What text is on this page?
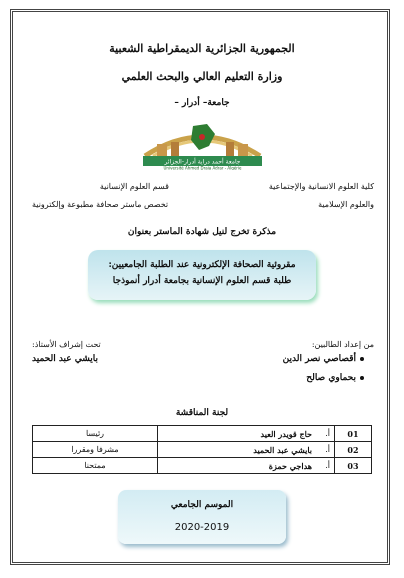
الجمهورية الجزائرية الديمقراطية الشعبية
وزارة التعليم العالي والبحث العلمي
جامعة– أدرار –
جامعة أحمد دراية أدرار-الجزائر
Université Ahmed Draia Adrar - Algérie
كلية العلوم الانسانية والإجتماعية
والعلوم الإسلامية
قسم العلوم الإنسانية
تخصص ماستر صحافة مطبوعة وإلكترونية
مذكرة تخرج لنيل شهادة الماستر بعنوان
مقروئية الصحافة الإلكترونية عند الطلبة الجامعيين:
طلبة قسم العلوم الإنسانية بجامعة أدرار أنموذجا
من إعداد الطالبين:
أقصاصي نصر الدين
بحماوي صالح
تحت إشراف الأستاذ:
بايشي عبد الحميد
لجنة المناقشة
01	أ.	حاج قويدر العيد	رئيسا
02	أ.	بايشي عبد الحميد	مشرفا ومقررا
03	أ.	هداجي حمزة	ممتحنا
الموسم الجامعي
2020-2019
